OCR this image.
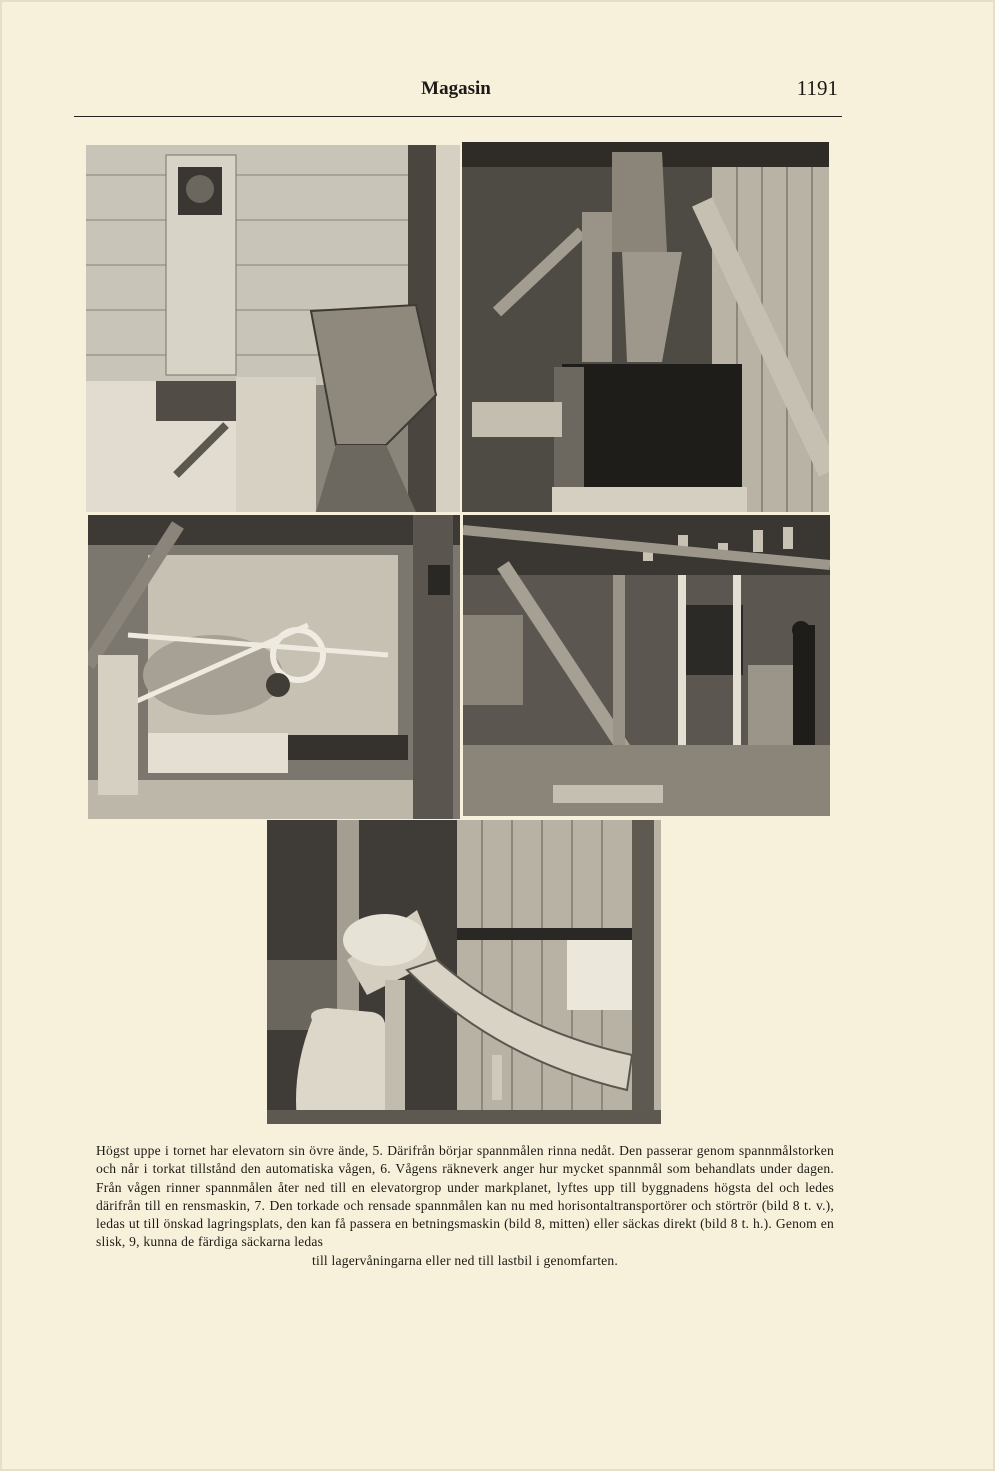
Magasin	1191
Högst uppe i tornet har elevatorn sin övre ände, 5. Därifrån börjar spannmålen rinna nedåt. Den passerar genom spannmålstorken och når i torkat tillstånd den automatiska vågen, 6. Vågens räkneverk anger hur mycket spannmål som behandlats under dagen. Från vågen rinner spannmålen åter ned till en elevatorgrop under markplanet, lyftes upp till byggnadens högsta del och ledes därifrån till en rensmaskin, 7. Den torkade och rensade spannmålen kan nu med horisontaltransportörer och störtrör (bild 8 t. v.), ledas ut till önskad lagringsplats, den kan få passera en betningsmaskin (bild 8, mitten) eller säckas direkt (bild 8 t. h.). Genom en slisk, 9, kunna de färdiga säckarna ledas
till lagervåningarna eller ned till lastbil i genomfarten.
